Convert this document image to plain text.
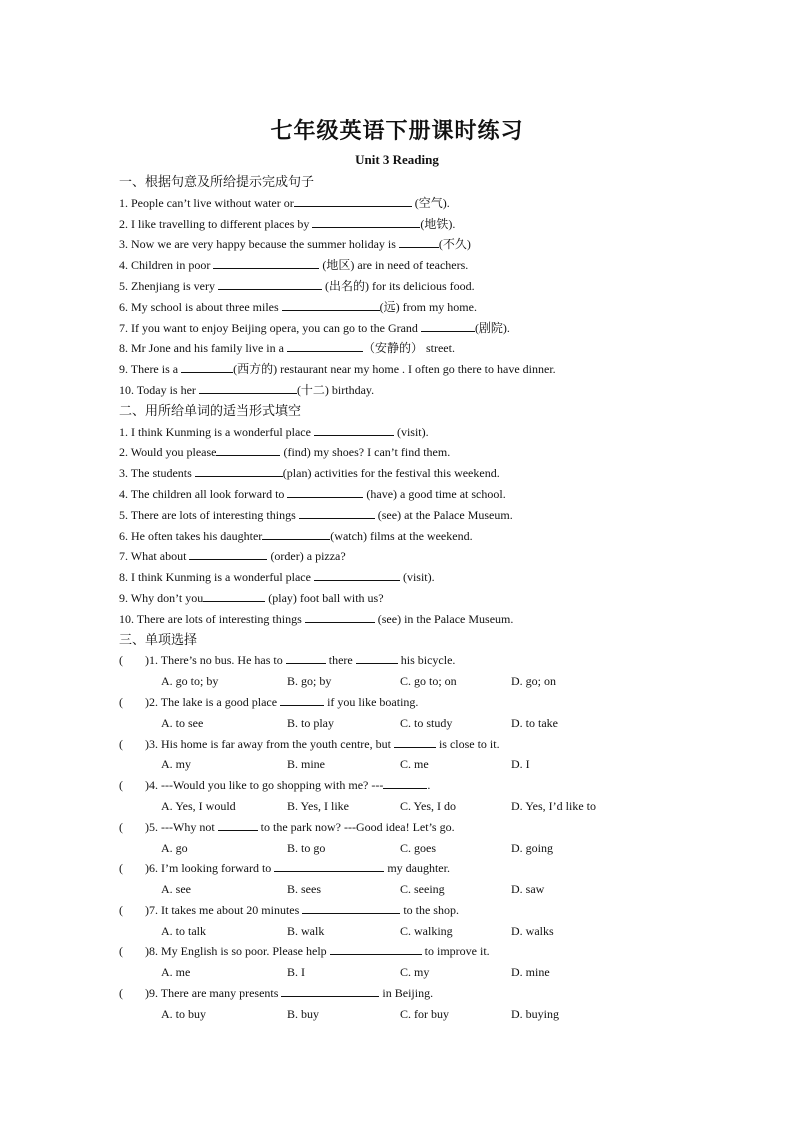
七年级英语下册课时练习
Unit 3 Reading
一、根据句意及所给提示完成句子
1. People can’t live without water or	(空气).
2. I like travelling to different places by	(地铁).
3. Now we are very happy because the summer holiday is	(不久)
4. Children in poor	(地区) are in need of teachers.
5. Zhenjiang is very	(出名的) for its delicious food.
6. My school is about three miles	(远) from my home.
7. If you want to enjoy Beijing opera, you can go to the Grand	(剧院).
8. Mr Jone and his family live in a	（安静的） street.
9. There is a	(西方的) restaurant near my home . I often go there to have dinner.
10. Today is her	(十二) birthday.
二、用所给单词的适当形式填空
1. I think Kunming is a wonderful place	(visit).
2. Would you please	(find) my shoes? I can’t find them.
3. The students	(plan) activities for the festival this weekend.
4. The children all look forward to	(have) a good time at school.
5. There are lots of interesting things	(see) at the Palace Museum.
6. He often takes his daughter	(watch) films at the weekend.
7. What about	(order) a pizza?
8. I think Kunming is a wonderful place	(visit).
9. Why don’t you	(play) foot ball with us?
10. There are lots of interesting things	(see) in the Palace Museum.
三、单项选择
( )1. There’s no bus. He has to	there	his bicycle.
A. go to; by	B. go; by	C. go to; on	D. go; on
( )2. The lake is a good place	if you like boating.
A. to see	B. to play	C. to study	D. to take
( )3. His home is far away from the youth centre, but	is close to it.
A. my	B. mine	C. me	D. I
( )4. ---Would you like to go shopping with me? ---	.
A. Yes, I would	B. Yes, I like	C. Yes, I do	D. Yes, I’d like to
( )5. ---Why not	to the park now? ---Good idea! Let’s go.
A. go	B. to go	C. goes	D. going
( )6. I’m looking forward to	my daughter.
A. see	B. sees	C. seeing	D. saw
( )7. It takes me about 20 minutes	to the shop.
A. to talk	B. walk	C. walking	D. walks
( )8. My English is so poor. Please help	to improve it.
A. me	B. I	C. my	D. mine
( )9. There are many presents	in Beijing.
A. to buy	B. buy	C. for buy	D. buying
